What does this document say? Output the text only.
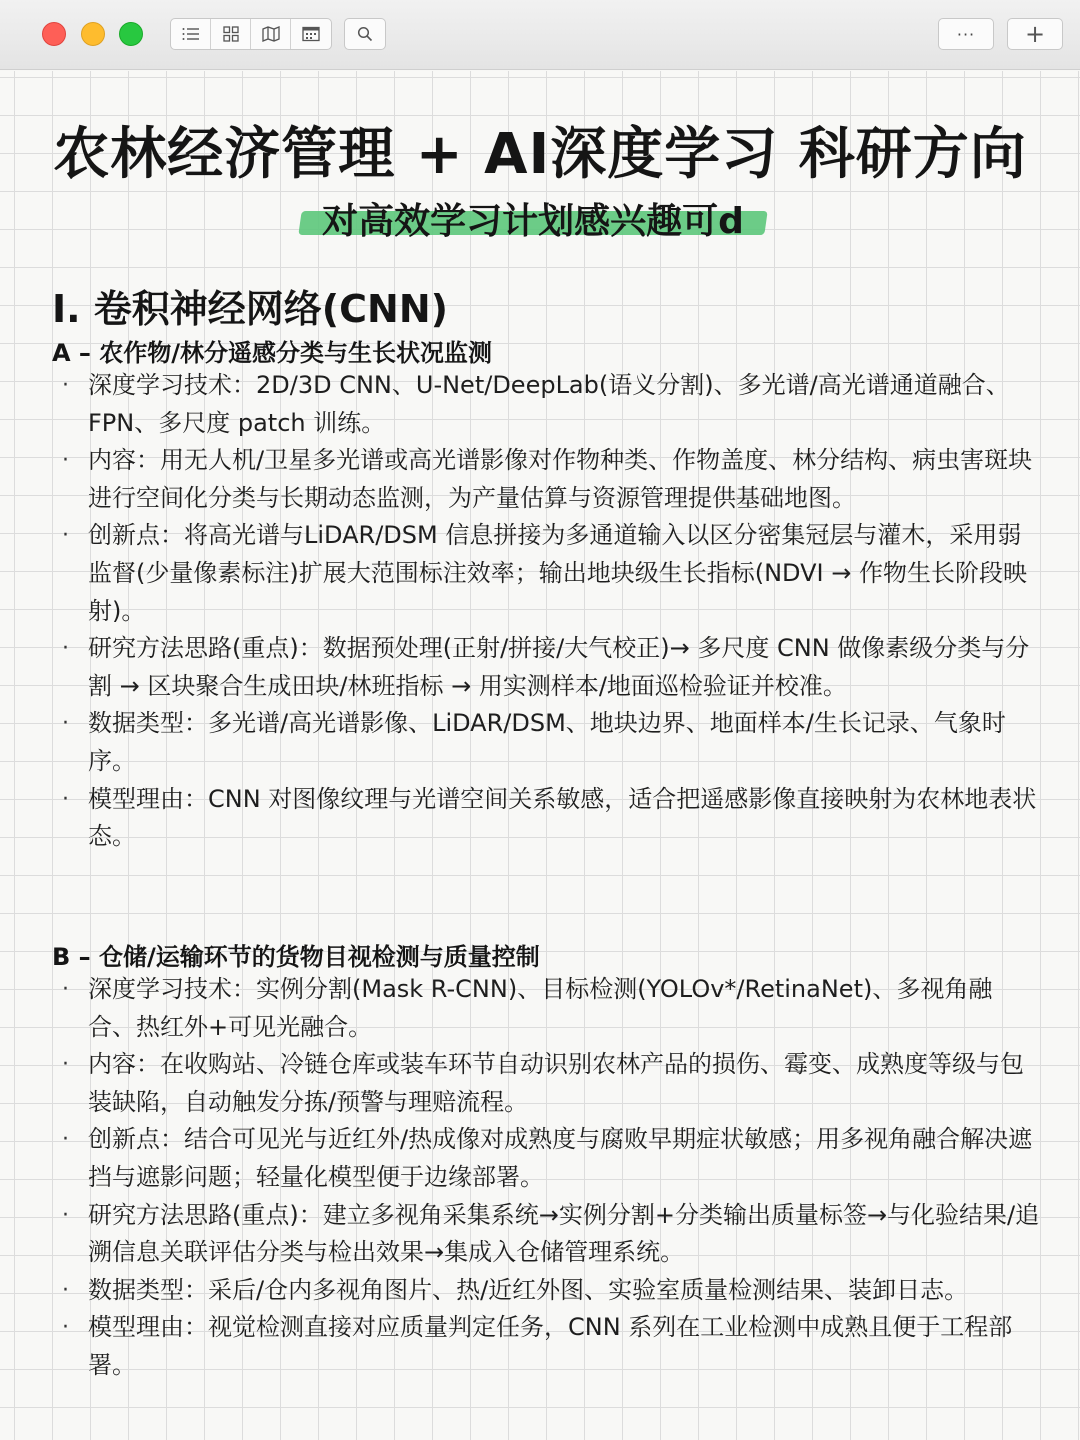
···	+
农林经济管理 + AI深度学习 科研方向
对高效学习计划感兴趣可d
I. 卷积神经网络(CNN)
A – 农作物/林分遥感分类与生长状况监测
· 深度学习技术：2D/3D CNN、U-Net/DeepLab(语义分割)、多光谱/高光谱通道融合、FPN、多尺度 patch 训练。
· 内容：用无人机/卫星多光谱或高光谱影像对作物种类、作物盖度、林分结构、病虫害斑块进行空间化分类与长期动态监测，为产量估算与资源管理提供基础地图。
· 创新点：将高光谱与LiDAR/DSM 信息拼接为多通道输入以区分密集冠层与灌木，采用弱监督(少量像素标注)扩展大范围标注效率；输出地块级生长指标(NDVI → 作物生长阶段映射)。
· 研究方法思路(重点)：数据预处理(正射/拼接/大气校正)→ 多尺度 CNN 做像素级分类与分割 → 区块聚合生成田块/林班指标 → 用实测样本/地面巡检验证并校准。
· 数据类型：多光谱/高光谱影像、LiDAR/DSM、地块边界、地面样本/生长记录、气象时序。
· 模型理由：CNN 对图像纹理与光谱空间关系敏感，适合把遥感影像直接映射为农林地表状态。
B – 仓储/运输环节的货物目视检测与质量控制
· 深度学习技术：实例分割(Mask R-CNN)、目标检测(YOLOv*/RetinaNet)、多视角融合、热红外+可见光融合。
· 内容：在收购站、冷链仓库或装车环节自动识别农林产品的损伤、霉变、成熟度等级与包装缺陷，自动触发分拣/预警与理赔流程。
· 创新点：结合可见光与近红外/热成像对成熟度与腐败早期症状敏感；用多视角融合解决遮挡与遮影问题；轻量化模型便于边缘部署。
· 研究方法思路(重点)：建立多视角采集系统→实例分割+分类输出质量标签→与化验结果/追溯信息关联评估分类与检出效果→集成入仓储管理系统。
· 数据类型：采后/仓内多视角图片、热/近红外图、实验室质量检测结果、装卸日志。
· 模型理由：视觉检测直接对应质量判定任务，CNN 系列在工业检测中成熟且便于工程部署。
